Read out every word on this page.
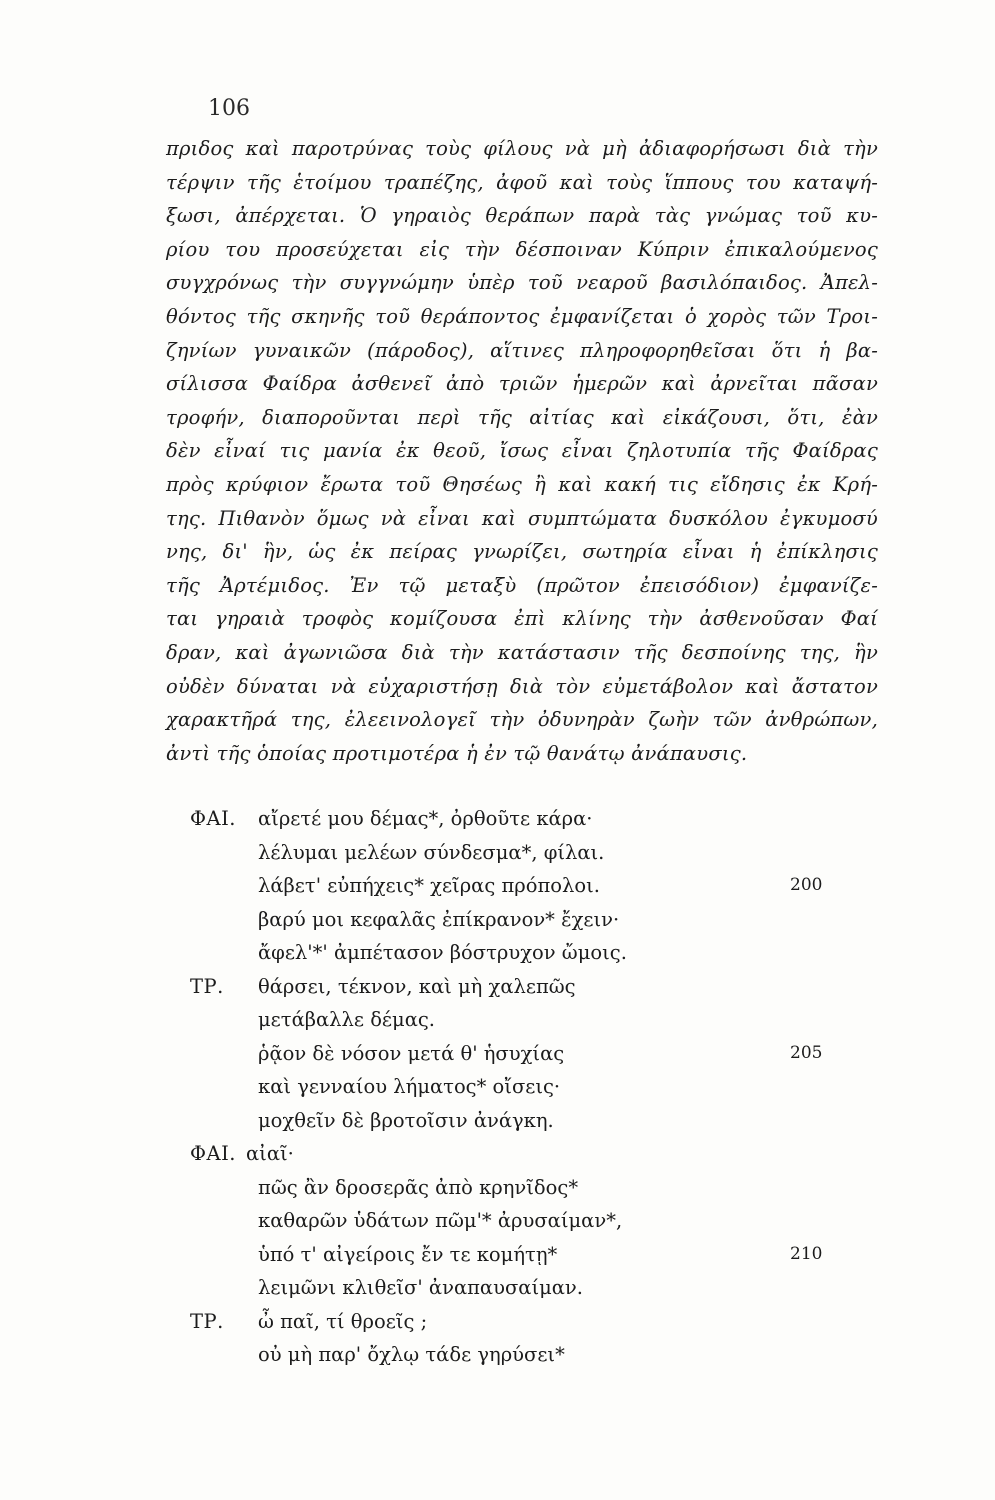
106
πριδος καὶ παροτρύνας τοὺς φίλους νὰ μὴ ἀδιαφορήσωσι διὰ τὴν
τέρψιν τῆς ἑτοίμου τραπέζης, ἀφοῦ καὶ τοὺς ἵππους του καταψή-
ξωσι, ἀπέρχεται. Ὁ γηραιὸς θεράπων παρὰ τὰς γνώμας τοῦ κυ-
ρίου του προσεύχεται εἰς τὴν δέσποιναν Κύπριν ἐπικαλούμενος
συγχρόνως τὴν συγγνώμην ὑπὲρ τοῦ νεαροῦ βασιλόπαιδος. Ἀπελ-
θόντος τῆς σκηνῆς τοῦ θεράποντος ἐμφανίζεται ὁ χορὸς τῶν Τροι-
ζηνίων γυναικῶν (πάροδος), αἵτινες πληροφορηθεῖσαι ὅτι ἡ βα-
σίλισσα Φαίδρα ἀσθενεῖ ἀπὸ τριῶν ἡμερῶν καὶ ἀρνεῖται πᾶσαν
τροφήν, διαποροῦνται περὶ τῆς αἰτίας καὶ εἰκάζουσι, ὅτι, ἐὰν
δὲν εἶναί τις μανία ἐκ θεοῦ, ἴσως εἶναι ζηλοτυπία τῆς Φαίδρας
πρὸς κρύφιον ἔρωτα τοῦ Θησέως ἢ καὶ κακή τις εἴδησις ἐκ Κρή-
της. Πιθανὸν ὅμως νὰ εἶναι καὶ συμπτώματα δυσκόλου ἐγκυμοσύ
νης, δι' ἣν, ὡς ἐκ πείρας γνωρίζει, σωτηρία εἶναι ἡ ἐπίκλησις
τῆς Ἀρτέμιδος. Ἐν τῷ μεταξὺ (πρῶτον ἐπεισόδιον) ἐμφανίζε-
ται γηραιὰ τροφὸς κομίζουσα ἐπὶ κλίνης τὴν ἀσθενοῦσαν Φαί
δραν, καὶ ἀγωνιῶσα διὰ τὴν κατάστασιν τῆς δεσποίνης της, ἣν
οὐδὲν δύναται νὰ εὐχαριστήσῃ διὰ τὸν εὐμετάβολον καὶ ἄστατον
χαρακτῆρά της, ἐλεεινολογεῖ τὴν ὀδυνηρὰν ζωὴν τῶν ἀνθρώπων,
ἀντὶ τῆς ὁποίας προτιμοτέρα ἡ ἐν τῷ θανάτῳ ἀνάπαυσις.
ΦΑΙ. αἴρετέ μου δέμας*, ὀρθοῦτε κάρα·
λέλυμαι μελέων σύνδεσμα*, φίλαι.
λάβετ' εὐπήχεις* χεῖρας πρόπολοι.	200
βαρύ μοι κεφαλᾶς ἐπίκρανον* ἔχειν·
ἄφελ'*' ἀμπέτασον βόστρυχον ὤμοις.
ΤΡ. θάρσει, τέκνον, καὶ μὴ χαλεπῶς
μετάβαλλε δέμας.
ῥᾷον δὲ νόσον μετά θ' ἡσυχίας	205
καὶ γενναίου λήματος* οἴσεις·
μοχθεῖν δὲ βροτοῖσιν ἀνάγκη.
ΦΑΙ. αἰαῖ·
πῶς ἂν δροσερᾶς ἀπὸ κρηνῖδος*
καθαρῶν ὑδάτων πῶμ'* ἀρυσαίμαν*,
ὑπό τ' αἰγείροις ἔν τε κομήτῃ*	210
λειμῶνι κλιθεῖσ' ἀναπαυσαίμαν.
ΤΡ. ὦ παῖ, τί θροεῖς ;
οὐ μὴ παρ' ὄχλῳ τάδε γηρύσει*
